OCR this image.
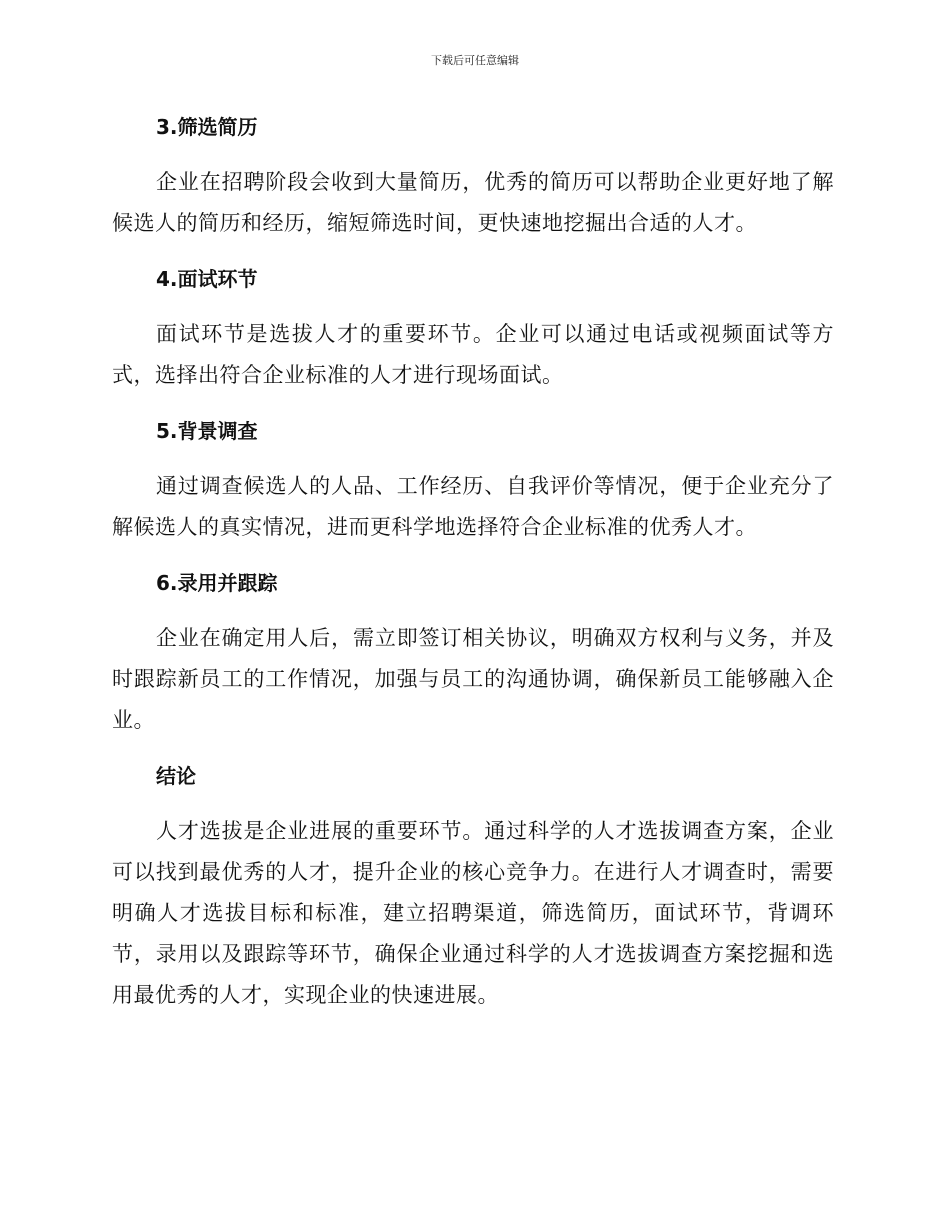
下载后可任意编辑
3.筛选简历

企业在招聘阶段会收到大量简历，优秀的简历可以帮助企业更好地了解候选人的简历和经历，缩短筛选时间，更快速地挖掘出合适的人才。

4.面试环节

面试环节是选拔人才的重要环节。企业可以通过电话或视频面试等方式，选择出符合企业标准的人才进行现场面试。

5.背景调查

通过调查候选人的人品、工作经历、自我评价等情况，便于企业充分了解候选人的真实情况，进而更科学地选择符合企业标准的优秀人才。

6.录用并跟踪

企业在确定用人后，需立即签订相关协议，明确双方权利与义务，并及时跟踪新员工的工作情况，加强与员工的沟通协调，确保新员工能够融入企业。

结论

人才选拔是企业进展的重要环节。通过科学的人才选拔调查方案，企业可以找到最优秀的人才，提升企业的核心竞争力。在进行人才调查时，需要明确人才选拔目标和标准，建立招聘渠道，筛选简历，面试环节，背调环节，录用以及跟踪等环节，确保企业通过科学的人才选拔调查方案挖掘和选用最优秀的人才，实现企业的快速进展。
